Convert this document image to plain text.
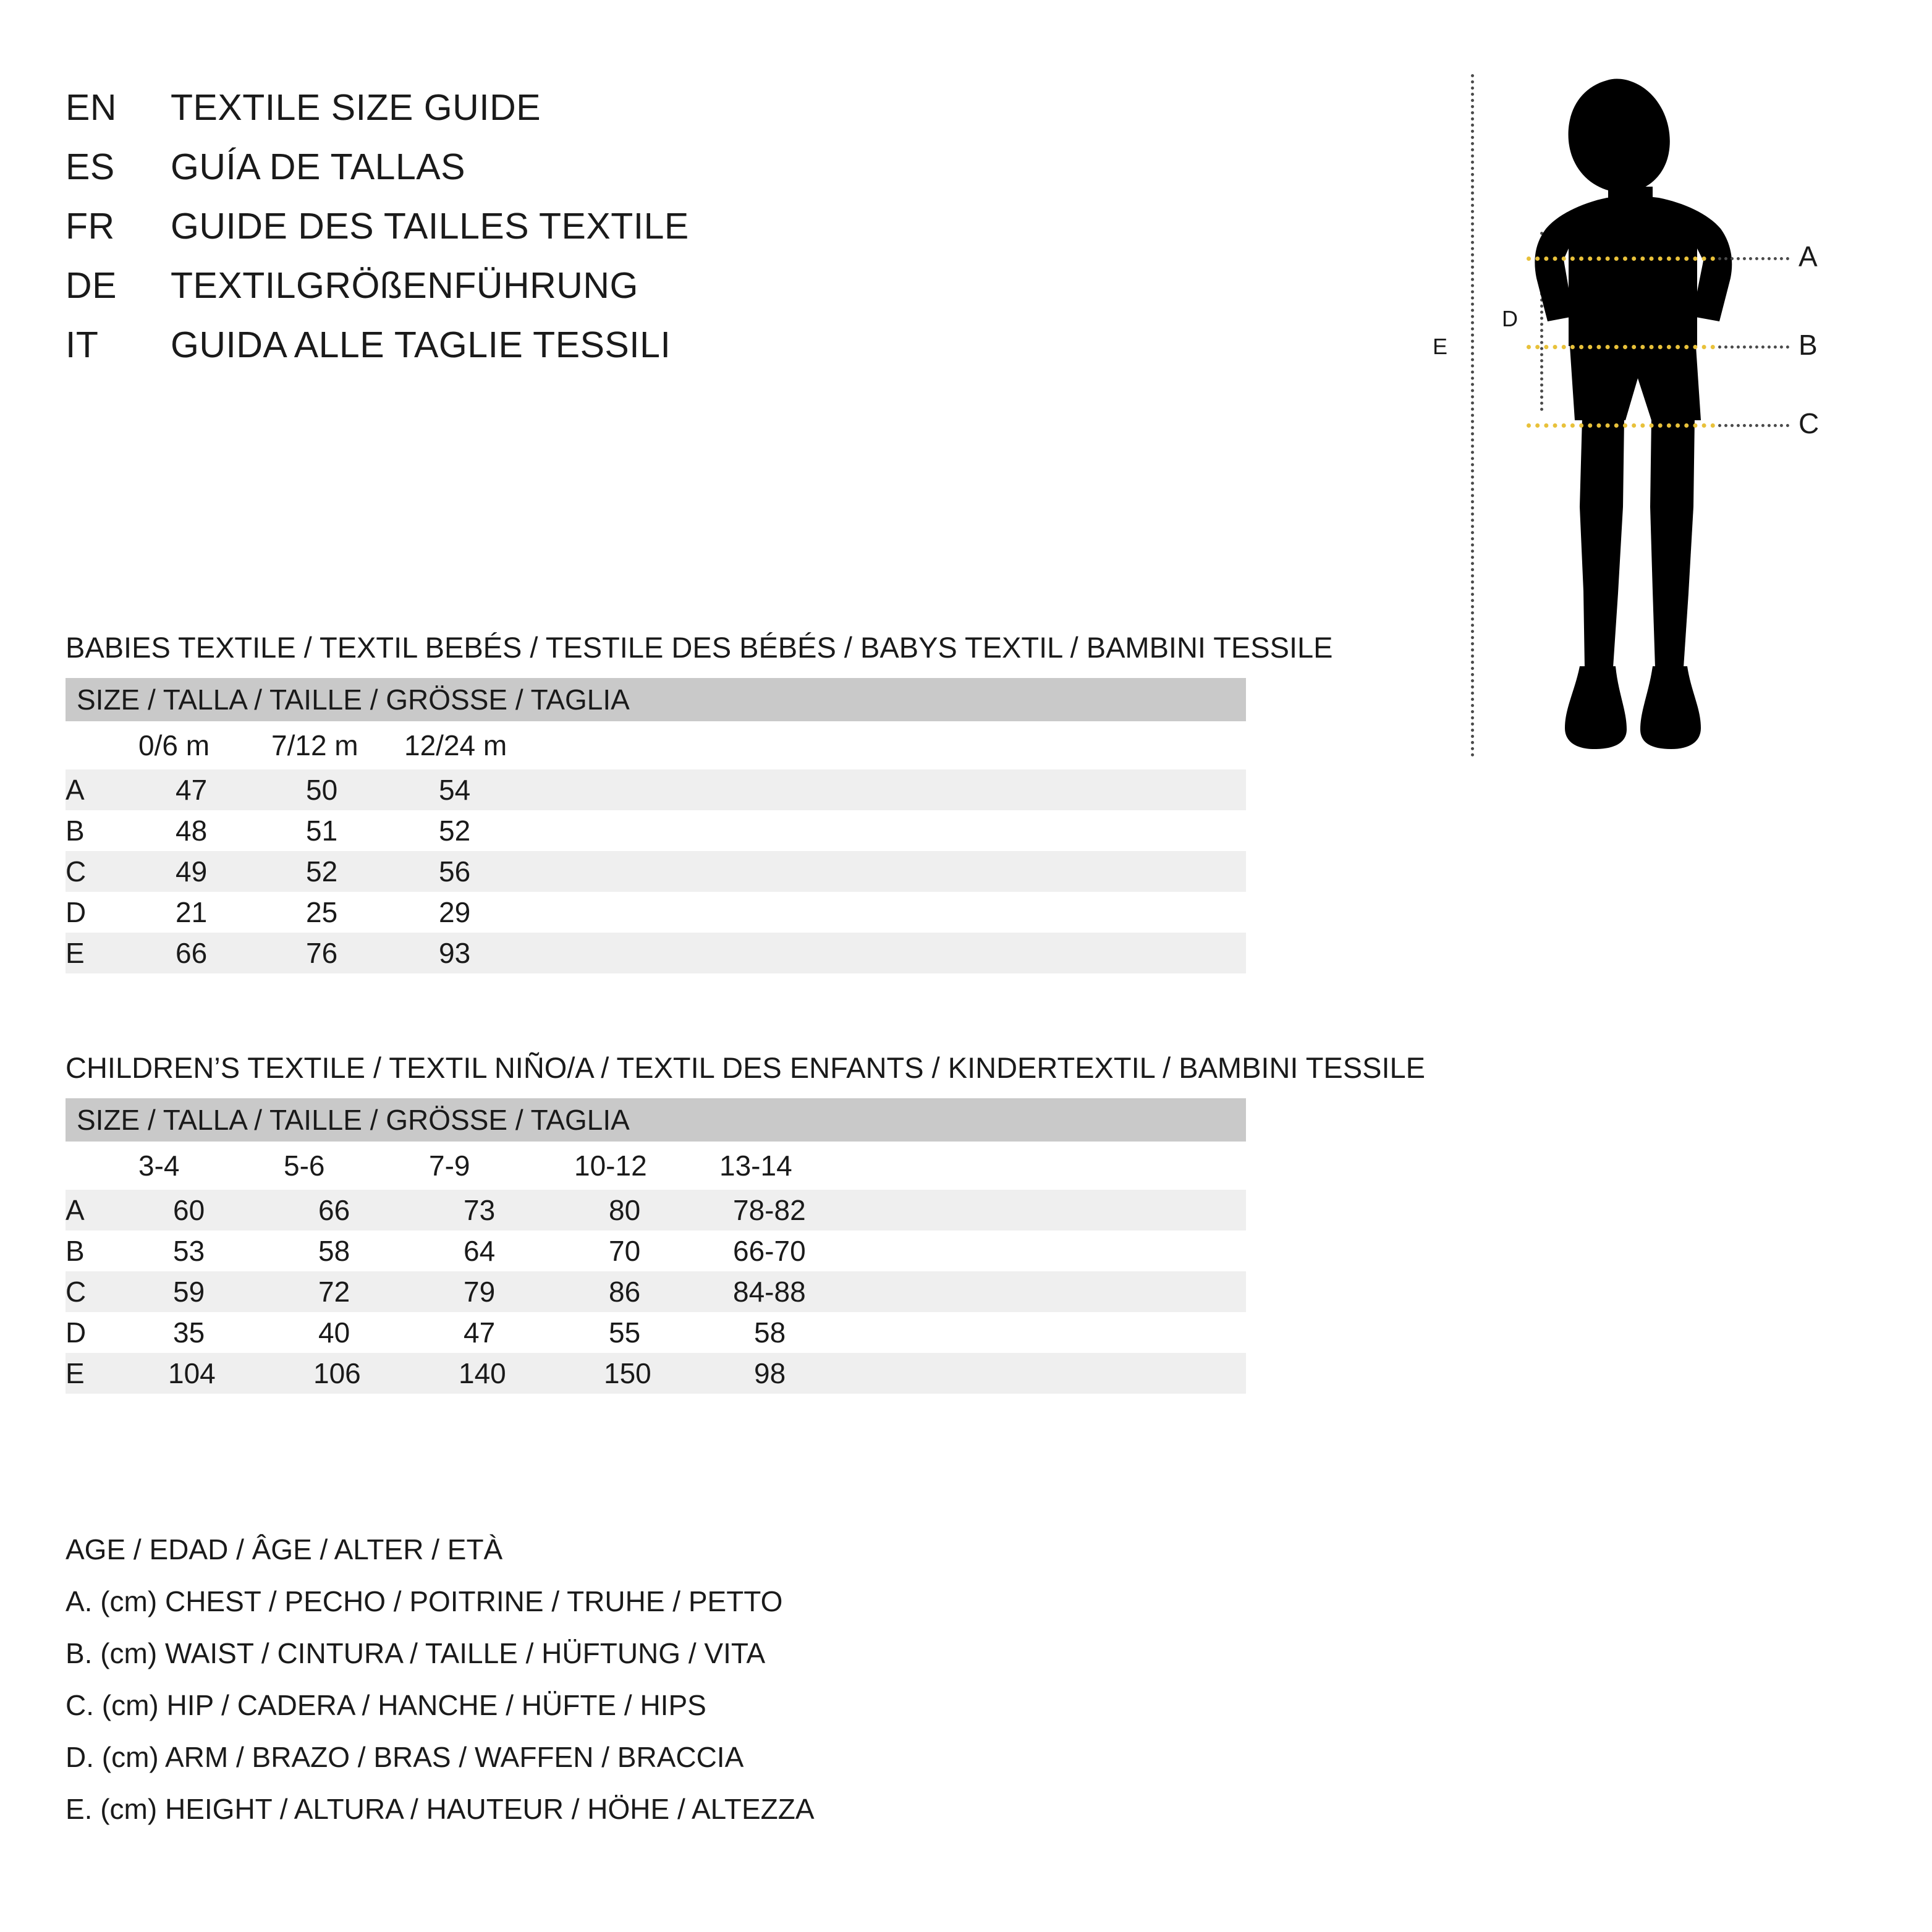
EN	TEXTILE SIZE GUIDE
ES	GUÍA DE TALLAS
FR	GUIDE DES TAILLES TEXTILE
DE	TEXTILGRÖßENFÜHRUNG
IT	GUIDA ALLE TAGLIE TESSILI	E
D
A
B
C
BABIES TEXTILE / TEXTIL BEBÉS / TESTILE DES BÉBÉS / BABYS TEXTIL / BAMBINI TESSILE
SIZE / TALLA / TAILLE / GRÖSSE / TAGLIA				
	0/6 m	7/12 m	12/24 m	
A	47	50	54	
B	48	51	52	
C	49	52	56	
D	21	25	29	
E	66	76	93	
CHILDREN’S TEXTILE / TEXTIL NIÑO/A / TEXTIL DES ENFANTS / KINDERTEXTIL / BAMBINI TESSILE
SIZE / TALLA / TAILLE / GRÖSSE / TAGLIA					
	3-4	5-6	7-9	10-12	13-14
A	60	66	73	80	78-82
B	53	58	64	70	66-70
C	59	72	79	86	84-88
D	35	40	47	55	58
E	104	106	140	150	98
AGE / EDAD / ÂGE / ALTER / ETÀ
A. (cm) CHEST / PECHO / POITRINE / TRUHE / PETTO
B. (cm) WAIST / CINTURA / TAILLE / HÜFTUNG / VITA
C. (cm) HIP / CADERA / HANCHE / HÜFTE / HIPS
D. (cm) ARM / BRAZO / BRAS / WAFFEN / BRACCIA
E. (cm) HEIGHT / ALTURA / HAUTEUR / HÖHE / ALTEZZA
